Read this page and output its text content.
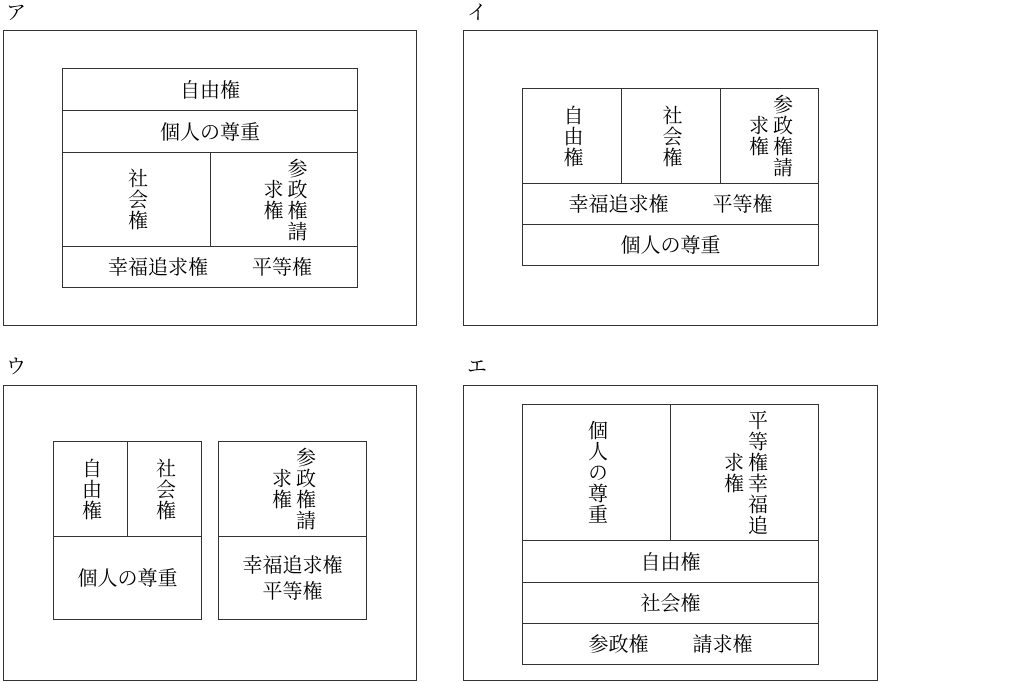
ア
自由権
個人の尊重
社会権	参政権請求権
幸福追求権 平等権
イ
自由権	社会権	参政権請求権
幸福追求権 平等権
個人の尊重
ウ
自由権	社会権
個人の尊重
参政権請求権
幸福追求権
平等権
エ
個人の尊重	平等権幸福追求権
自由権
社会権
参政権 請求権
